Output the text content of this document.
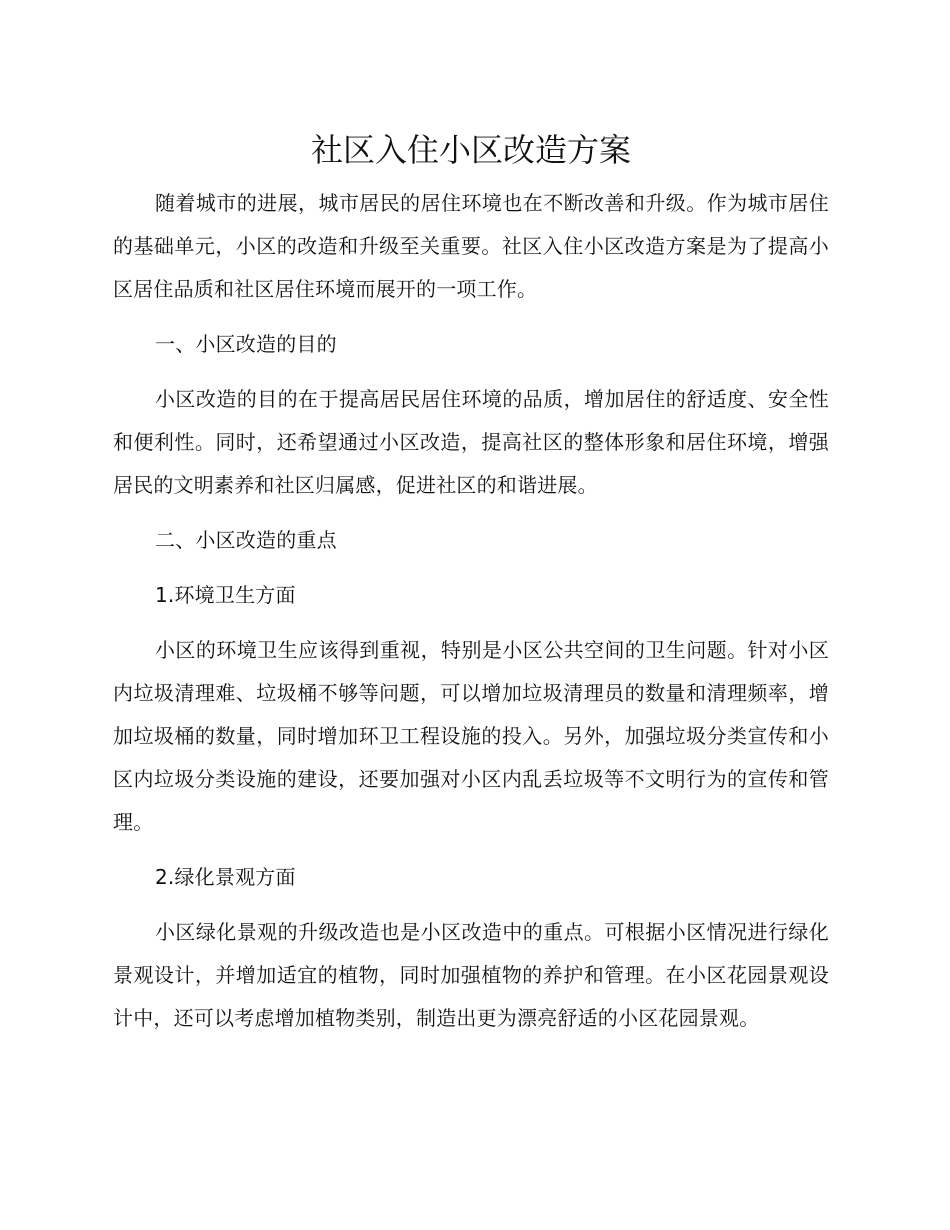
社区入住小区改造方案

随着城市的进展，城市居民的居住环境也在不断改善和升级。作为城市居住的基础单元，小区的改造和升级至关重要。社区入住小区改造方案是为了提高小区居住品质和社区居住环境而展开的一项工作。

一、小区改造的目的

小区改造的目的在于提高居民居住环境的品质，增加居住的舒适度、安全性和便利性。同时，还希望通过小区改造，提高社区的整体形象和居住环境，增强居民的文明素养和社区归属感，促进社区的和谐进展。

二、小区改造的重点

1.环境卫生方面

小区的环境卫生应该得到重视，特别是小区公共空间的卫生问题。针对小区内垃圾清理难、垃圾桶不够等问题，可以增加垃圾清理员的数量和清理频率，增加垃圾桶的数量，同时增加环卫工程设施的投入。另外，加强垃圾分类宣传和小区内垃圾分类设施的建设，还要加强对小区内乱丢垃圾等不文明行为的宣传和管理。

2.绿化景观方面

小区绿化景观的升级改造也是小区改造中的重点。可根据小区情况进行绿化景观设计，并增加适宜的植物，同时加强植物的养护和管理。在小区花园景观设计中，还可以考虑增加植物类别，制造出更为漂亮舒适的小区花园景观。
